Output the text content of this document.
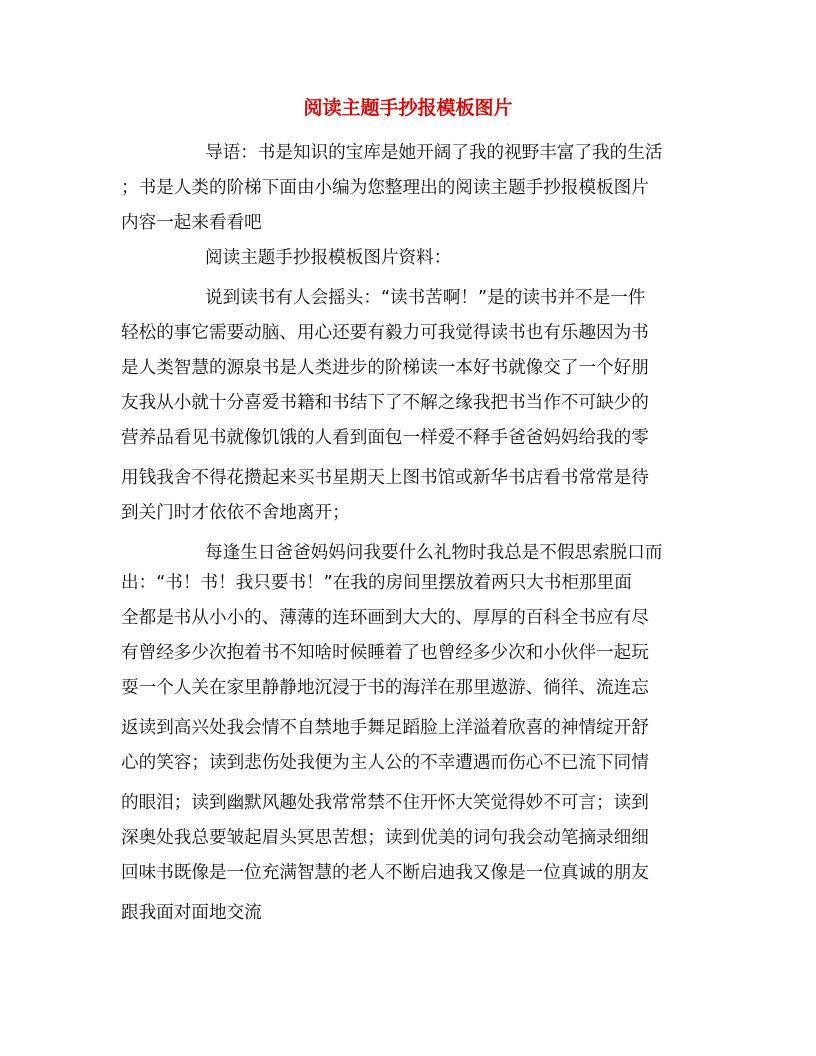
阅读主题手抄报模板图片
导语：书是知识的宝库是她开阔了我的视野丰富了我的生活
；书是人类的阶梯下面由小编为您整理出的阅读主题手抄报模板图片
内容一起来看看吧
阅读主题手抄报模板图片资料：
说到读书有人会摇头：“读书苦啊！”是的读书并不是一件
轻松的事它需要动脑、用心还要有毅力可我觉得读书也有乐趣因为书
是人类智慧的源泉书是人类进步的阶梯读一本好书就像交了一个好朋
友我从小就十分喜爱书籍和书结下了不解之缘我把书当作不可缺少的
营养品看见书就像饥饿的人看到面包一样爱不释手爸爸妈妈给我的零
用钱我舍不得花攒起来买书星期天上图书馆或新华书店看书常常是待
到关门时才依依不舍地离开；
每逢生日爸爸妈妈问我要什么礼物时我总是不假思索脱口而
出：“书！书！我只要书！”在我的房间里摆放着两只大书柜那里面
全都是书从小小的、薄薄的连环画到大大的、厚厚的百科全书应有尽
有曾经多少次抱着书不知啥时候睡着了也曾经多少次和小伙伴一起玩
耍一个人关在家里静静地沉浸于书的海洋在那里遨游、徜徉、流连忘
返读到高兴处我会情不自禁地手舞足蹈脸上洋溢着欣喜的神情绽开舒
心的笑容；读到悲伤处我便为主人公的不幸遭遇而伤心不已流下同情
的眼泪；读到幽默风趣处我常常禁不住开怀大笑觉得妙不可言；读到
深奥处我总要皱起眉头冥思苦想；读到优美的词句我会动笔摘录细细
回味书既像是一位充满智慧的老人不断启迪我又像是一位真诚的朋友
跟我面对面地交流
